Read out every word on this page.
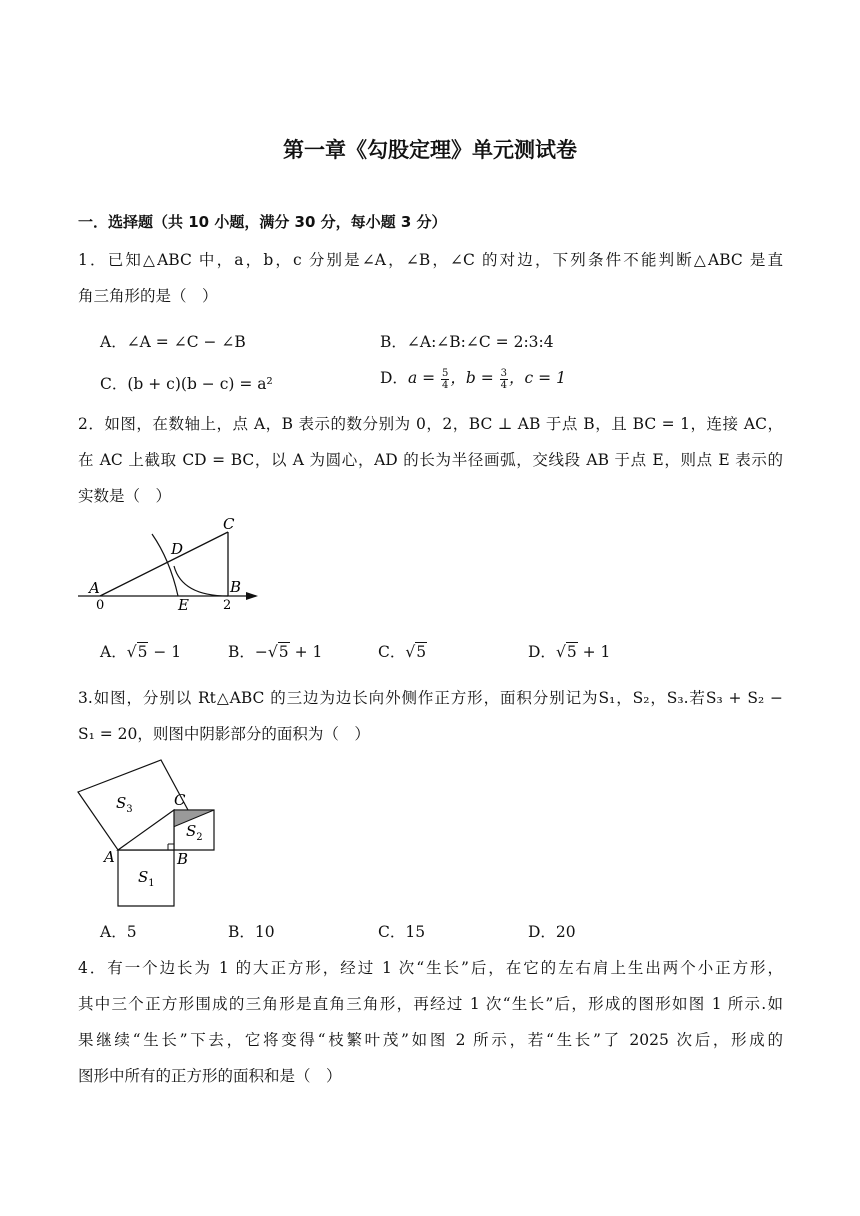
第一章《勾股定理》单元测试卷
一．选择题（共 10 小题，满分 30 分，每小题 3 分）
1．已知△ABC 中，a，b，c 分别是∠A，∠B，∠C 的对边，下列条件不能判断△ABC 是直
角三角形的是（　）
A．∠A = ∠C − ∠B	B．∠A:∠B:∠C = 2:3:4
C．(b + c)(b − c) = a²	D．$a = \frac{5}{4}$ ，$b = \frac{3}{4}$ ，c = 1
2．如图，在数轴上，点 A，B 表示的数分别为 0，2，BC ⊥ AB 于点 B，且 BC = 1，连接 AC，
在 AC 上截取 CD = BC，以 A 为圆心，AD 的长为半径画弧，交线段 AB 于点 E，则点 E 表示的
实数是（　）
A
0
B
2
C
D
E
A．√5 − 1	B．−√5 + 1	C．√5	D．√5 + 1
3.如图，分别以 Rt△ABC 的三边为边长向外侧作正方形，面积分别记为S₁，S₂，S₃.若S₃ + S₂ −
S₁ = 20，则图中阴影部分的面积为（　）
$S_3$
$S_2$
$S_1$
A	B
C
A．5	B．10	C．15	D．20
4．有一个边长为 1 的大正方形，经过 1 次“生长”后，在它的左右肩上生出两个小正方形，
其中三个正方形围成的三角形是直角三角形，再经过 1 次“生长”后，形成的图形如图 1 所示.如
果继续“生长”下去，它将变得“枝繁叶茂”如图 2 所示，若“生长”了 2025 次后，形成的
图形中所有的正方形的面积和是（　）
